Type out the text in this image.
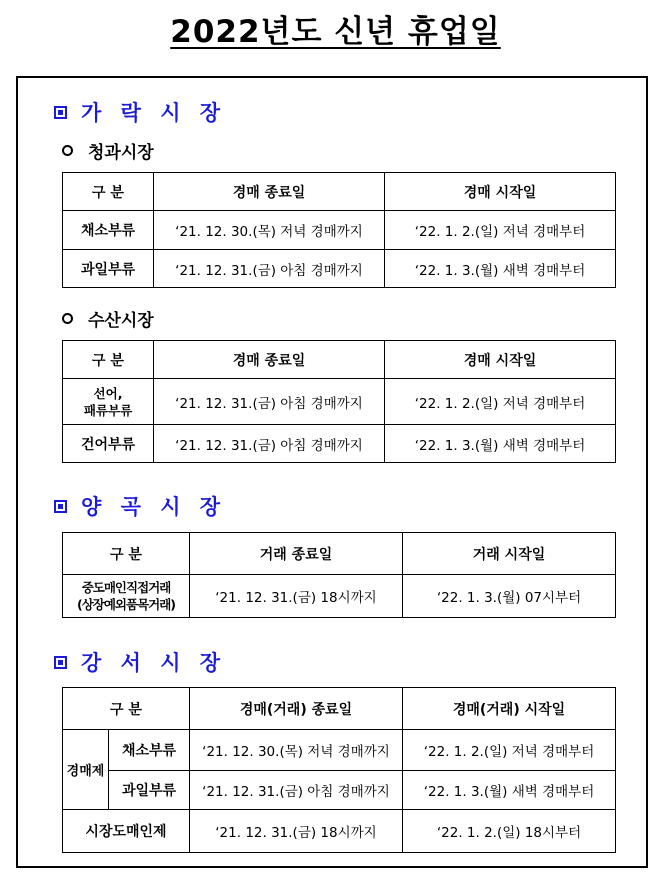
2022년도 신년 휴업일
가 락 시 장
청과시장
구 분	경매 종료일	경매 시작일
채소부류	‘21. 12. 30.(목) 저녁 경매까지	‘22. 1. 2.(일) 저녁 경매부터
과일부류	‘21. 12. 31.(금) 아침 경매까지	‘22. 1. 3.(월) 새벽 경매부터
수산시장
구 분	경매 종료일	경매 시작일

선어,
패류부류	‘21. 12. 31.(금) 아침 경매까지	‘22. 1. 2.(일) 저녁 경매부터
건어부류	‘21. 12. 31.(금) 아침 경매까지	‘22. 1. 3.(월) 새벽 경매부터
양 곡 시 장
구 분	거래 종료일	거래 시작일

중도매인직접거래
(상장예외품목거래)	‘21. 12. 31.(금) 18시까지	‘22. 1. 3.(월) 07시부터
강 서 시 장
구 분		경매(거래) 종료일	경매(거래) 시작일
경매제	채소부류	‘21. 12. 30.(목) 저녁 경매까지	‘22. 1. 2.(일) 저녁 경매부터
	과일부류	‘21. 12. 31.(금) 아침 경매까지	‘22. 1. 3.(월) 새벽 경매부터
시장도매인제		‘21. 12. 31.(금) 18시까지	‘22. 1. 2.(일) 18시부터
